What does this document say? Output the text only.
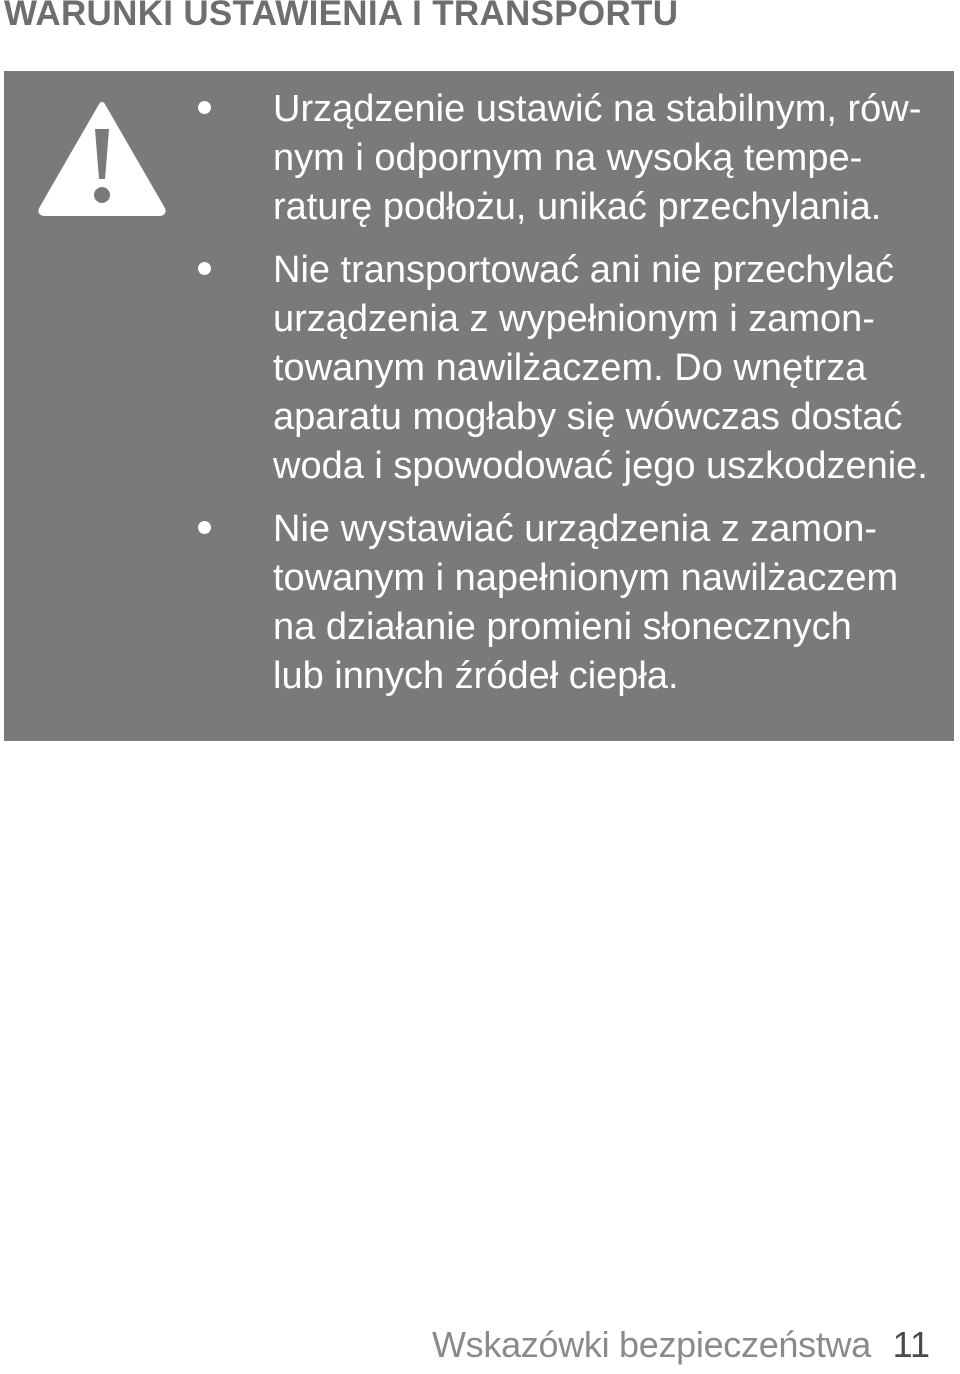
WARUNKI USTAWIENIA I TRANSPORTU
Urządzenie ustawić na stabilnym, rów-
nym i odpornym na wysoką tempe-
raturę podłożu, unikać przechylania.
Nie transportować ani nie przechylać
urządzenia z wypełnionym i zamon-
towanym nawilżaczem. Do wnętrza
aparatu mogłaby się wówczas dostać
woda i spowodować jego uszkodzenie.
Nie wystawiać urządzenia z zamon-
towanym i napełnionym nawilżaczem
na działanie promieni słonecznych
lub innych źródeł ciepła.
Wskazówki bezpieczeństwa 11
